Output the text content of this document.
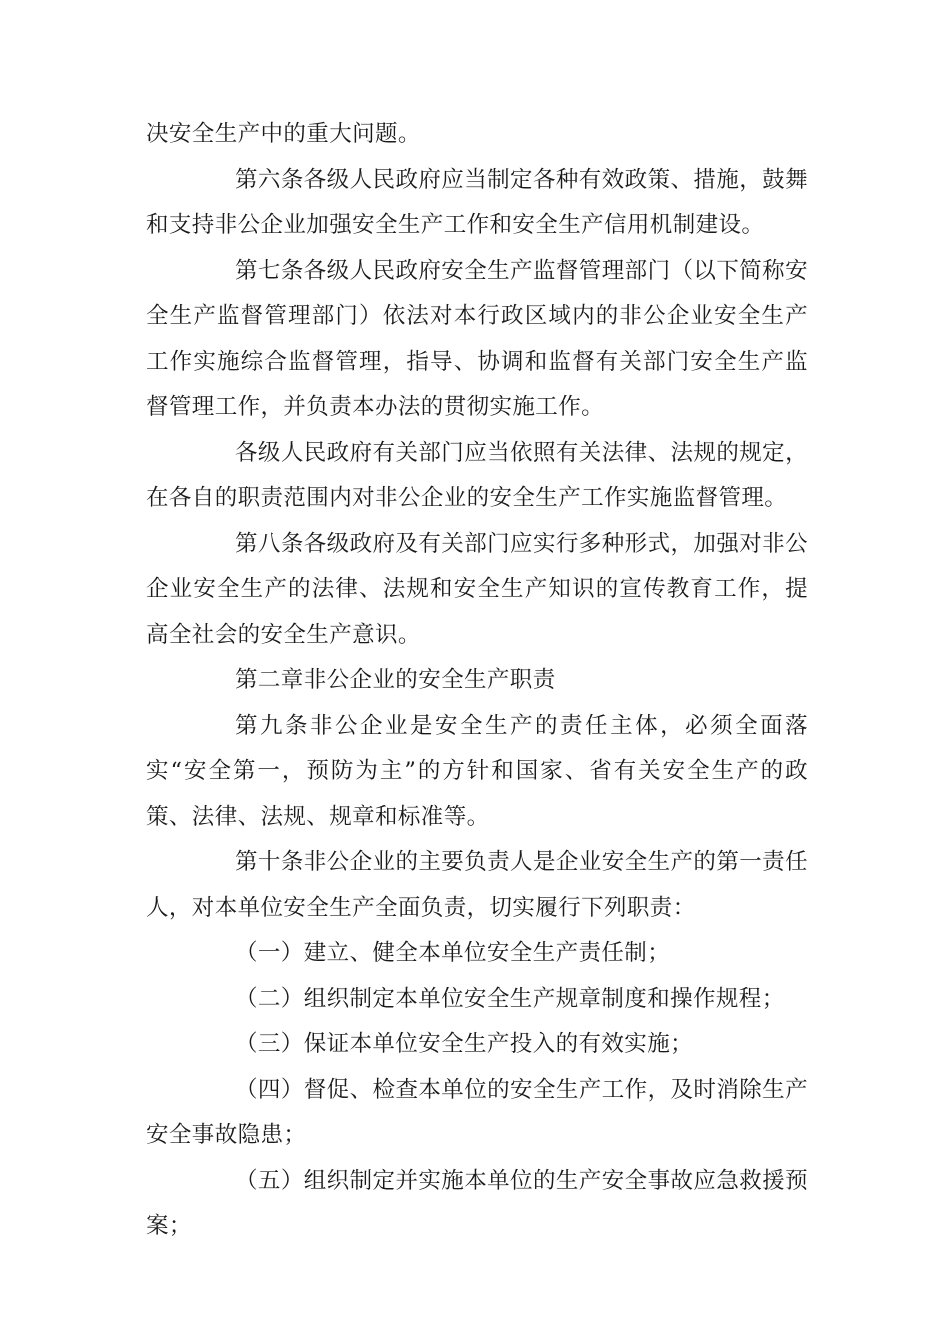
决安全生产中的重大问题。

第六条各级人民政府应当制定各种有效政策、措施，鼓舞和支持非公企业加强安全生产工作和安全生产信用机制建设。

第七条各级人民政府安全生产监督管理部门（以下简称安全生产监督管理部门）依法对本行政区域内的非公企业安全生产工作实施综合监督管理，指导、协调和监督有关部门安全生产监督管理工作，并负责本办法的贯彻实施工作。

各级人民政府有关部门应当依照有关法律、法规的规定，在各自的职责范围内对非公企业的安全生产工作实施监督管理。

第八条各级政府及有关部门应实行多种形式，加强对非公企业安全生产的法律、法规和安全生产知识的宣传教育工作，提高全社会的安全生产意识。

第二章非公企业的安全生产职责

第九条非公企业是安全生产的责任主体，必须全面落实“安全第一，预防为主”的方针和国家、省有关安全生产的政策、法律、法规、规章和标准等。

第十条非公企业的主要负责人是企业安全生产的第一责任人，对本单位安全生产全面负责，切实履行下列职责：

（一）建立、健全本单位安全生产责任制；

（二）组织制定本单位安全生产规章制度和操作规程；

（三）保证本单位安全生产投入的有效实施；

（四）督促、检查本单位的安全生产工作，及时消除生产安全事故隐患；

（五）组织制定并实施本单位的生产安全事故应急救援预案；
